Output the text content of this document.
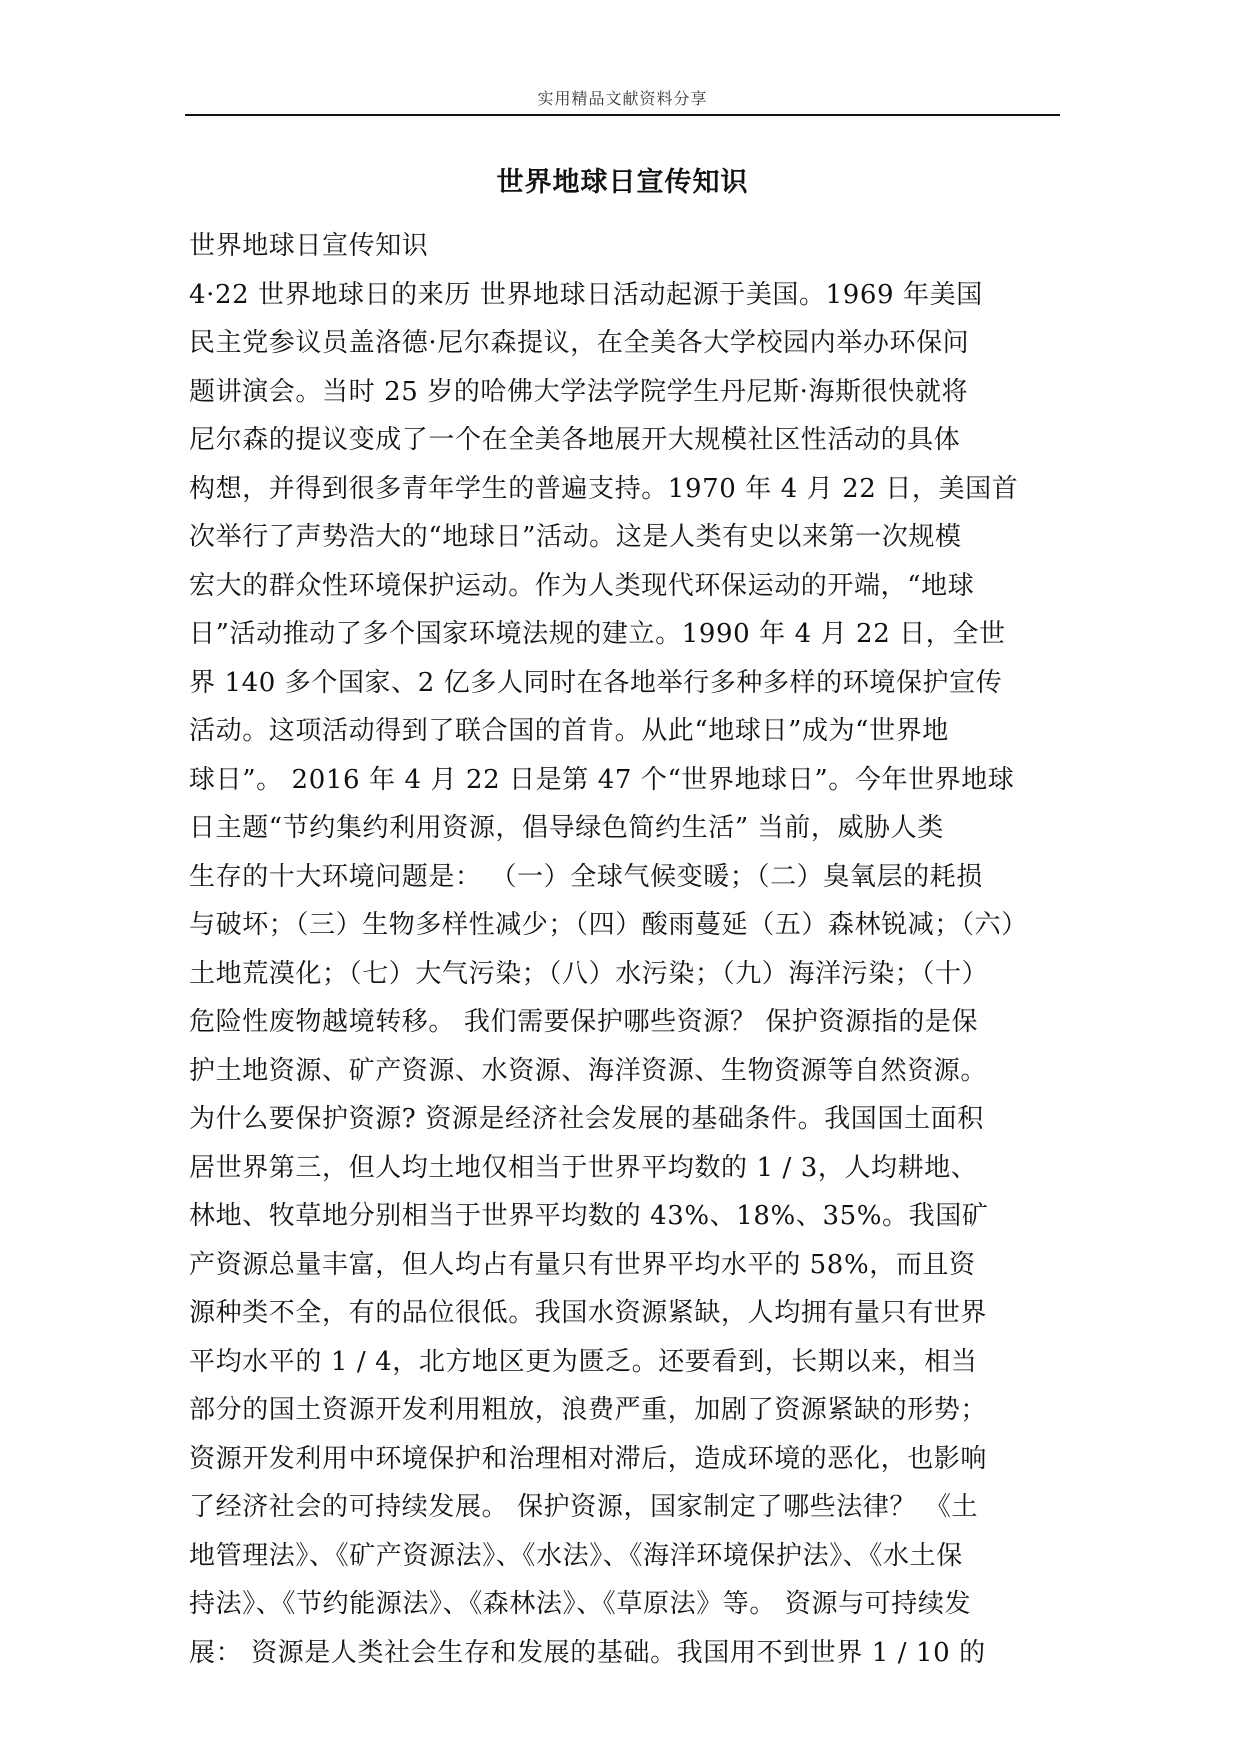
实用精品文献资料分享
世界地球日宣传知识
世界地球日宣传知识
4·22 世界地球日的来历 世界地球日活动起源于美国。1969 年美国
民主党参议员盖洛德·尼尔森提议，在全美各大学校园内举办环保问
题讲演会。当时 25 岁的哈佛大学法学院学生丹尼斯·海斯很快就将
尼尔森的提议变成了一个在全美各地展开大规模社区性活动的具体
构想，并得到很多青年学生的普遍支持。1970 年 4 月 22 日，美国首
次举行了声势浩大的“地球日”活动。这是人类有史以来第一次规模
宏大的群众性环境保护运动。作为人类现代环保运动的开端，“地球
日”活动推动了多个国家环境法规的建立。1990 年 4 月 22 日，全世
界 140 多个国家、2 亿多人同时在各地举行多种多样的环境保护宣传
活动。这项活动得到了联合国的首肯。从此“地球日”成为“世界地
球日”。 2016 年 4 月 22 日是第 47 个“世界地球日”。今年世界地球
日主题“节约集约利用资源，倡导绿色简约生活” 当前，威胁人类
生存的十大环境问题是： （一）全球气候变暖；（二）臭氧层的耗损
与破坏；（三）生物多样性减少；（四）酸雨蔓延（五）森林锐减；（六）
土地荒漠化；（七）大气污染；（八）水污染；（九）海洋污染；（十）
危险性废物越境转移。 我们需要保护哪些资源？ 保护资源指的是保
护土地资源、矿产资源、水资源、海洋资源、生物资源等自然资源。
为什么要保护资源? 资源是经济社会发展的基础条件。我国国土面积
居世界第三，但人均土地仅相当于世界平均数的 1 / 3，人均耕地、
林地、牧草地分别相当于世界平均数的 43%、18%、35%。我国矿
产资源总量丰富，但人均占有量只有世界平均水平的 58%，而且资
源种类不全，有的品位很低。我国水资源紧缺，人均拥有量只有世界
平均水平的 1 / 4，北方地区更为匮乏。还要看到，长期以来，相当
部分的国土资源开发利用粗放，浪费严重，加剧了资源紧缺的形势；
资源开发利用中环境保护和治理相对滞后，造成环境的恶化，也影响
了经济社会的可持续发展。 保护资源，国家制定了哪些法律？ 《土
地管理法》、《矿产资源法》、《水法》、《海洋环境保护法》、《水土保
持法》、《节约能源法》、《森林法》、《草原法》等。 资源与可持续发
展： 资源是人类社会生存和发展的基础。我国用不到世界 1 / 10 的
